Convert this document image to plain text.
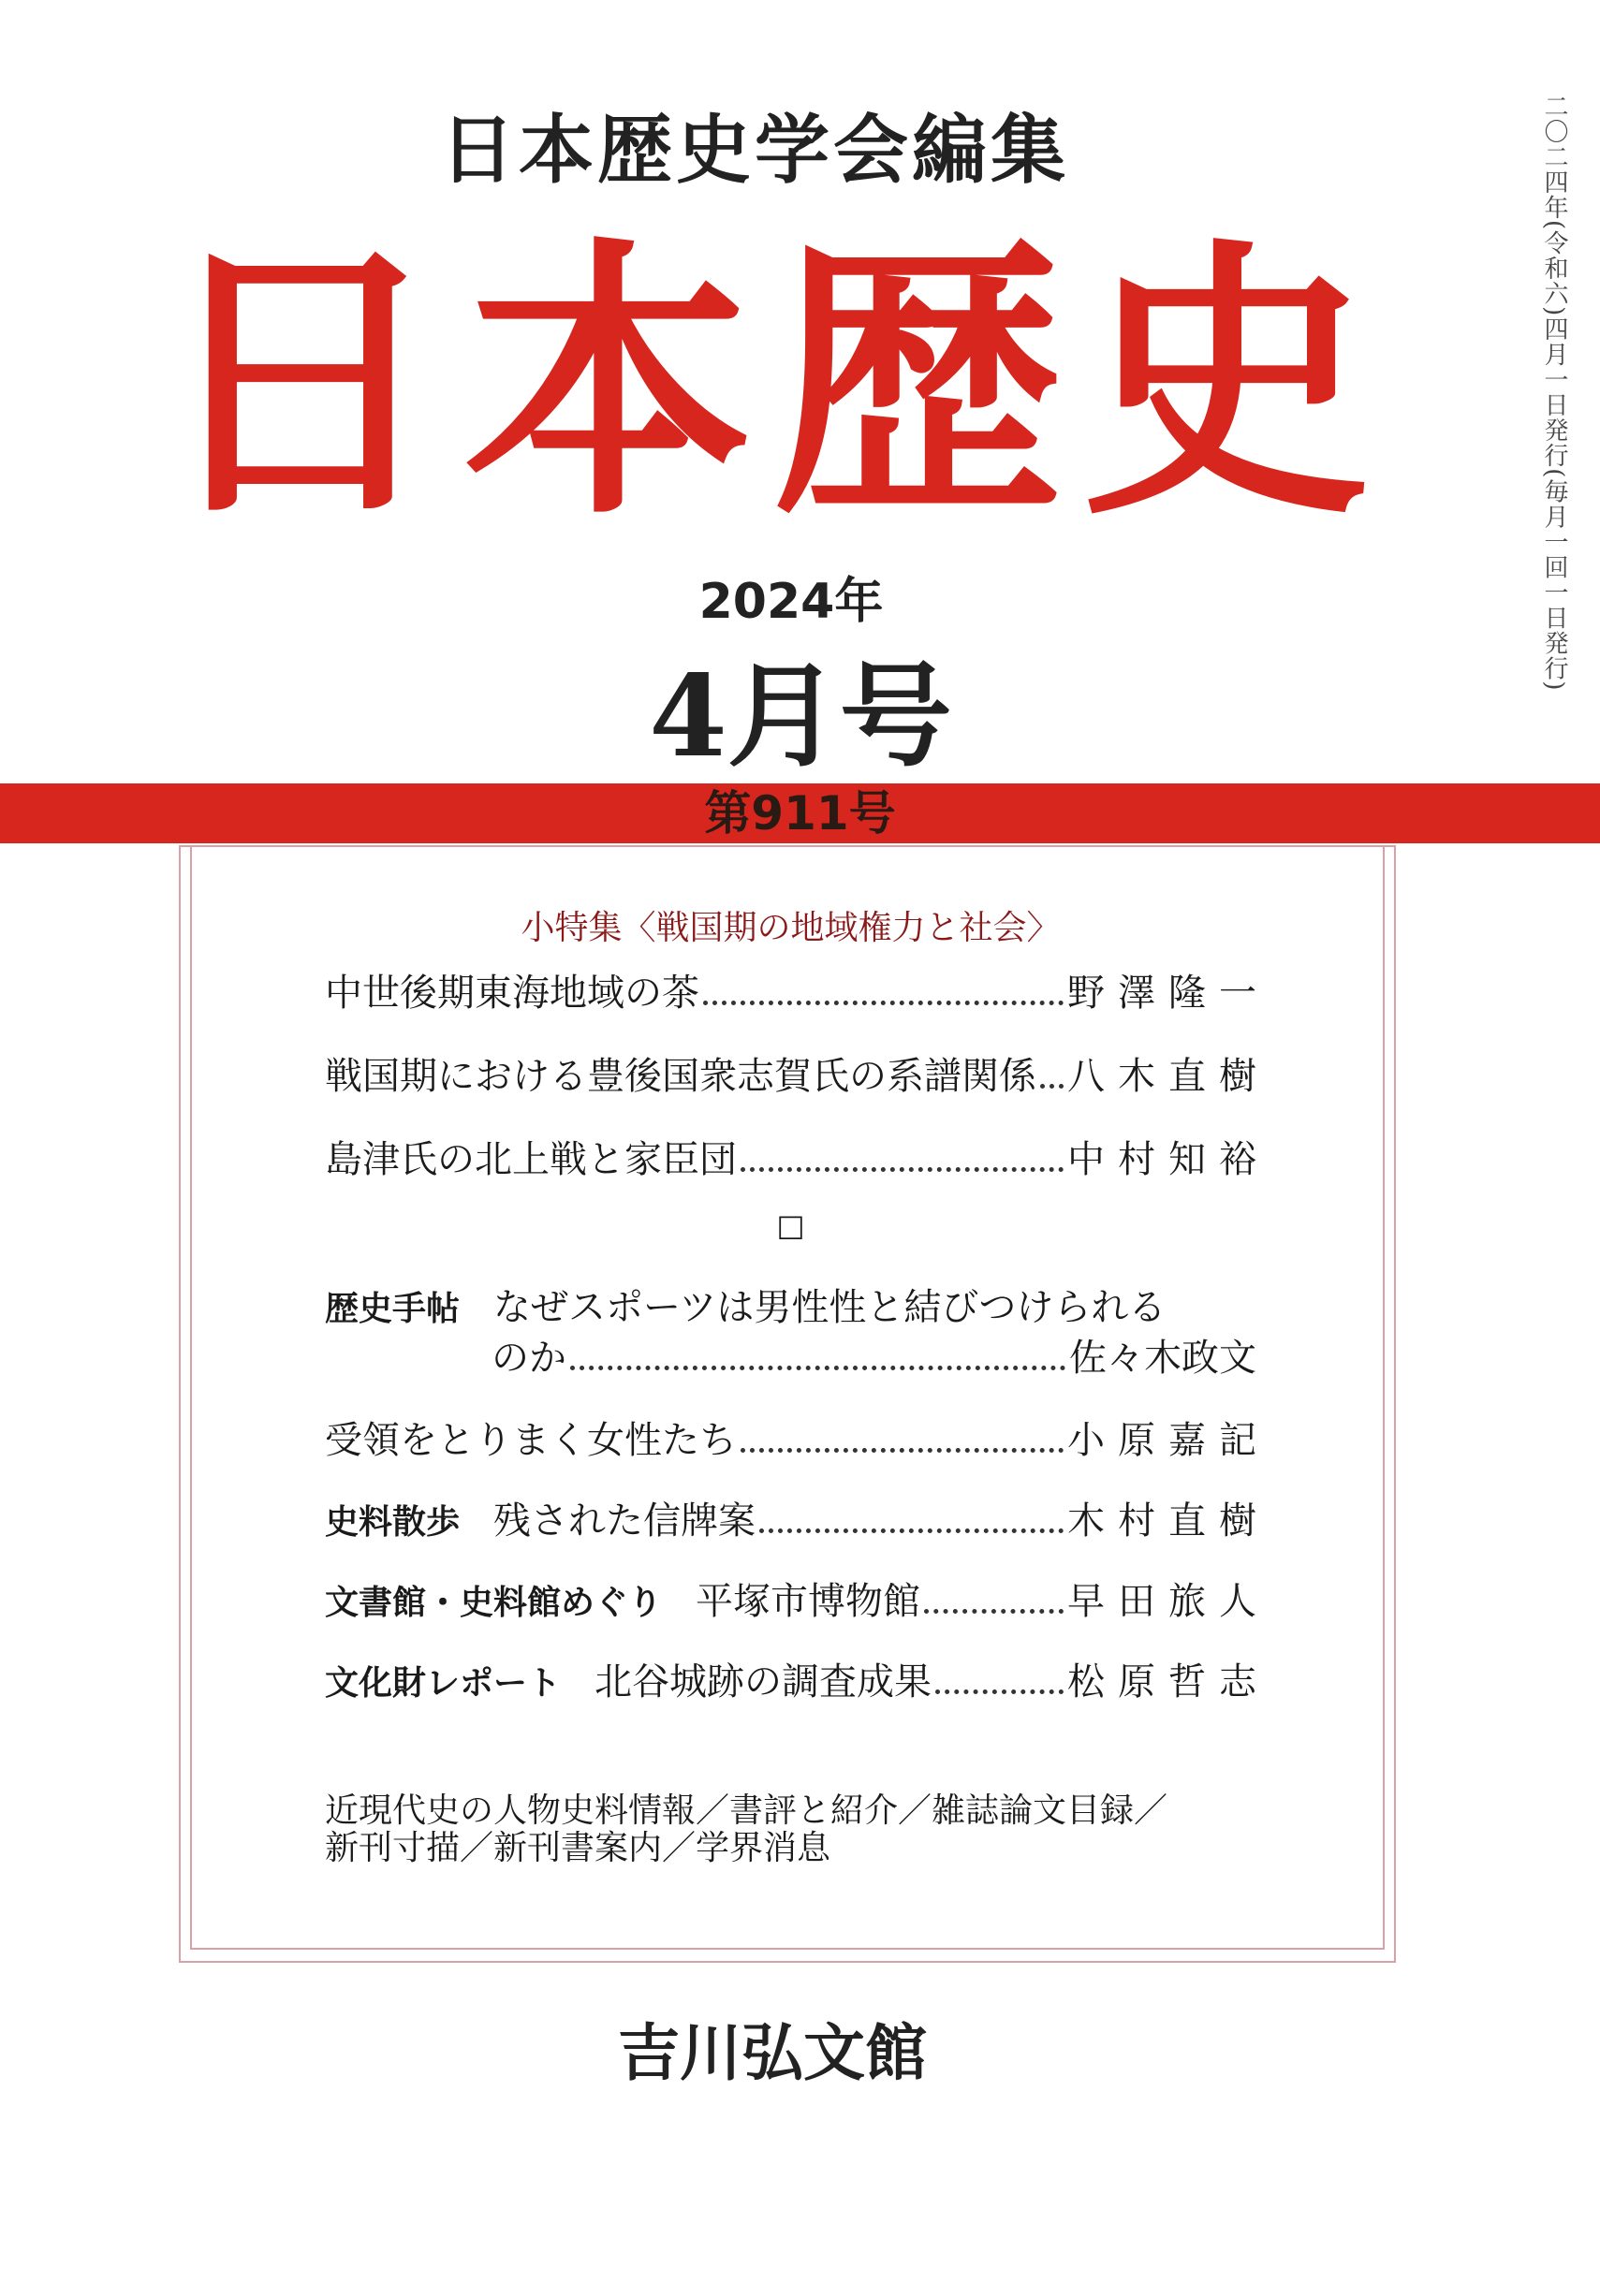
日本歴史学会編集
日本歴史
2024年
4月号
第911号
二〇二四年(令和六)四月一日発行(毎月一回一日発行)
小特集〈戦国期の地域権力と社会〉
中世後期東海地域の茶	野澤隆一
戦国期における豊後国衆志賀氏の系譜関係 八木直樹
島津氏の北上戦と家臣団	中村知裕
□
歴史手帖 なぜスポーツは男性性と結びつけられる
のか	佐々木政文
受領をとりまく女性たち	小原嘉記
史料散歩 残された信牌案	木村直樹
文書館・史料館めぐり 平塚市博物館	早田旅人
文化財レポート 北谷城跡の調査成果	松原哲志
近現代史の人物史料情報／書評と紹介／雑誌論文目録／
新刊寸描／新刊書案内／学界消息
吉川弘文館
